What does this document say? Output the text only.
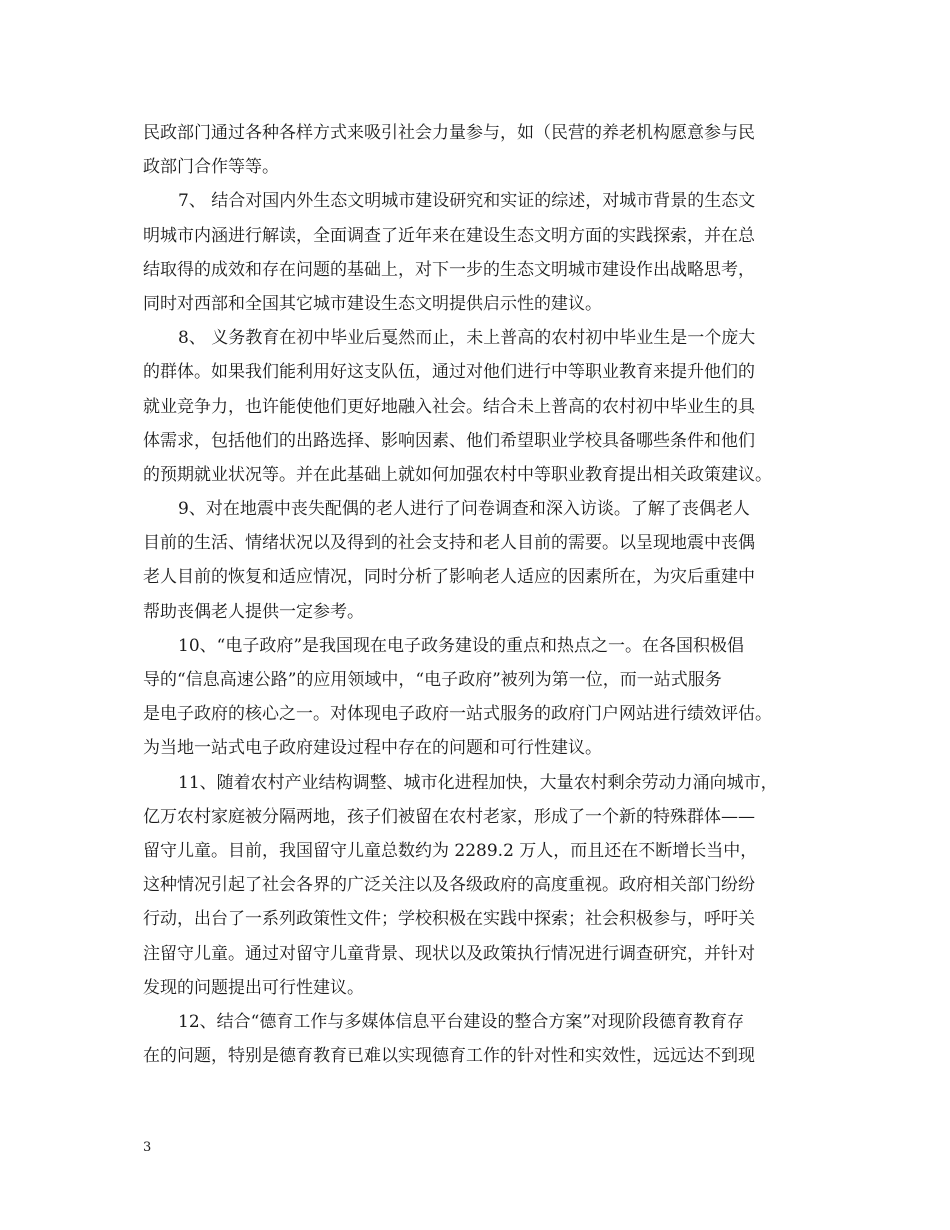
民政部门通过各种各样方式来吸引社会力量参与，如（民营的养老机构愿意参与民
政部门合作等等。
7、 结合对国内外生态文明城市建设研究和实证的综述，对城市背景的生态文
明城市内涵进行解读，全面调查了近年来在建设生态文明方面的实践探索，并在总
结取得的成效和存在问题的基础上，对下一步的生态文明城市建设作出战略思考，
同时对西部和全国其它城市建设生态文明提供启示性的建议。
8、 义务教育在初中毕业后戛然而止，未上普高的农村初中毕业生是一个庞大
的群体。如果我们能利用好这支队伍，通过对他们进行中等职业教育来提升他们的
就业竞争力，也许能使他们更好地融入社会。结合未上普高的农村初中毕业生的具
体需求，包括他们的出路选择、影响因素、他们希望职业学校具备哪些条件和他们
的预期就业状况等。并在此基础上就如何加强农村中等职业教育提出相关政策建议。
9、对在地震中丧失配偶的老人进行了问卷调查和深入访谈。了解了丧偶老人
目前的生活、情绪状况以及得到的社会支持和老人目前的需要。以呈现地震中丧偶
老人目前的恢复和适应情况，同时分析了影响老人适应的因素所在，为灾后重建中
帮助丧偶老人提供一定参考。
10、“电子政府”是我国现在电子政务建设的重点和热点之一。在各国积极倡
导的“信息高速公路”的应用领域中，“电子政府”被列为第一位，而一站式服务
是电子政府的核心之一。对体现电子政府一站式服务的政府门户网站进行绩效评估。
为当地一站式电子政府建设过程中存在的问题和可行性建议。
11、随着农村产业结构调整、城市化进程加快，大量农村剩余劳动力涌向城市，
亿万农村家庭被分隔两地，孩子们被留在农村老家，形成了一个新的特殊群体——
留守儿童。目前，我国留守儿童总数约为 2289.2 万人，而且还在不断增长当中，
这种情况引起了社会各界的广泛关注以及各级政府的高度重视。政府相关部门纷纷
行动，出台了一系列政策性文件；学校积极在实践中探索；社会积极参与，呼吁关
注留守儿童。通过对留守儿童背景、现状以及政策执行情况进行调查研究，并针对
发现的问题提出可行性建议。
12、结合“德育工作与多媒体信息平台建设的整合方案”对现阶段德育教育存
在的问题，特别是德育教育已难以实现德育工作的针对性和实效性，远远达不到现
3
